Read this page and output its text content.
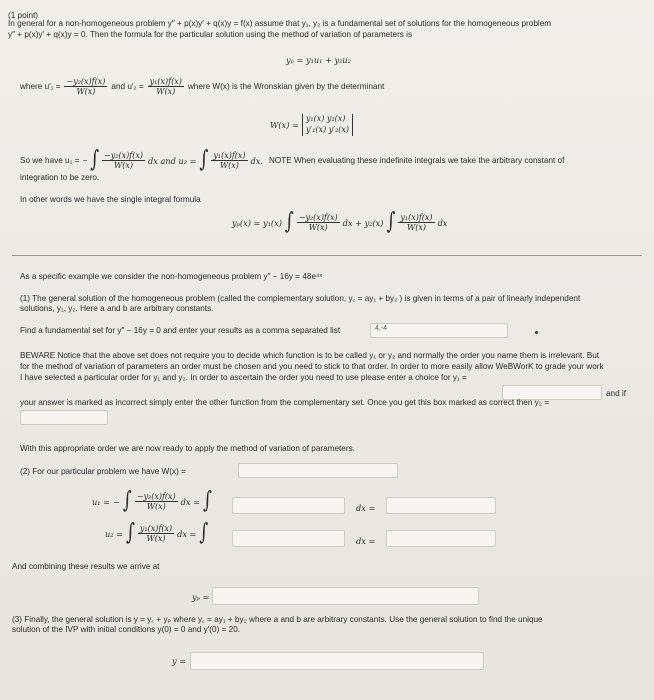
(1 point)
In general for a non-homogeneous problem y″ + p(x)y′ + q(x)y = f(x) assume that y₁, y₂ is a fundamental set of solutions for the homogeneous problem
y″ + p(x)y′ + q(x)y = 0. Then the formula for the particular solution using the method of variation of parameters is
yₚ = y₁u₁ + y₂u₂
where $u'_1 = \frac{\text{−y₂(x)f(x)}}{W(x)}$ and $u'_2 = \frac{\text{y₁(x)f(x)}}{W(x)}$ where W(x) is the Wronskian given by the determinant
W(x) =
y₁(x) y₂(x)
y′₁(x) y′₂(x)
So we have u₁ = − ∫ $\frac{\text{−y₂(x)f(x)}}{W(x)}$ dx and u₂ = ∫ $\frac{\text{y₁(x)f(x)}}{W(x)}$ dx. NOTE When evaluating these indefinite integrals we take the arbitrary constant of
integration to be zero.
In other words we have the single integral formula
yₚ(x) = y₁(x) ∫ $\frac{\text{−y₂(x)f(x)}}{W(x)}$ dx + y₂(x) ∫ $\frac{\text{y₁(x)f(x)}}{W(x)}$ dx
As a specific example we consider the non-homogeneous problem y″ − 16y = 48e⁴ˣ
(1) The general solution of the homogeneous problem (called the complementary solution, y꜀ = ay₁ + by₂ ) is given in terms of a pair of linearly independent
solutions, y₁, y₂. Here a and b are arbitrary constants.
Find a fundamental set for y″ − 16y = 0 and enter your results as a comma separated list	4,-4
BEWARE Notice that the above set does not require you to decide which function is to be called y₁ or y₂ and normally the order you name them is irrelevant. But
for the method of variation of parameters an order must be chosen and you need to stick to that order. In order to more easily allow WeBWorK to grade your work
I have selected a particular order for y₁ and y₂. In order to ascertain the order you need to use please enter a choice for y₁ =
and if
your answer is marked as incorrect simply enter the other function from the complementary set. Once you get this box marked as correct then y₂ =
With this appropriate order we are now ready to apply the method of variation of parameters.
(2) For our particular problem we have W(x) =
u₁ = − ∫ $\frac{\text{−y₂(x)f(x)}}{W(x)}$ dx = ∫	dx =
u₂ = ∫ $\frac{\text{y₁(x)f(x)}}{W(x)}$ dx = ∫	dx =
And combining these results we arrive at
yₚ =
(3) Finally, the general solution is y = y꜀ + yₚ where y꜀ = ay₁ + by₂ where a and b are arbitrary constants. Use the general solution to find the unique
solution of the IVP with initial conditions y(0) = 0 and y′(0) = 20.
y =
